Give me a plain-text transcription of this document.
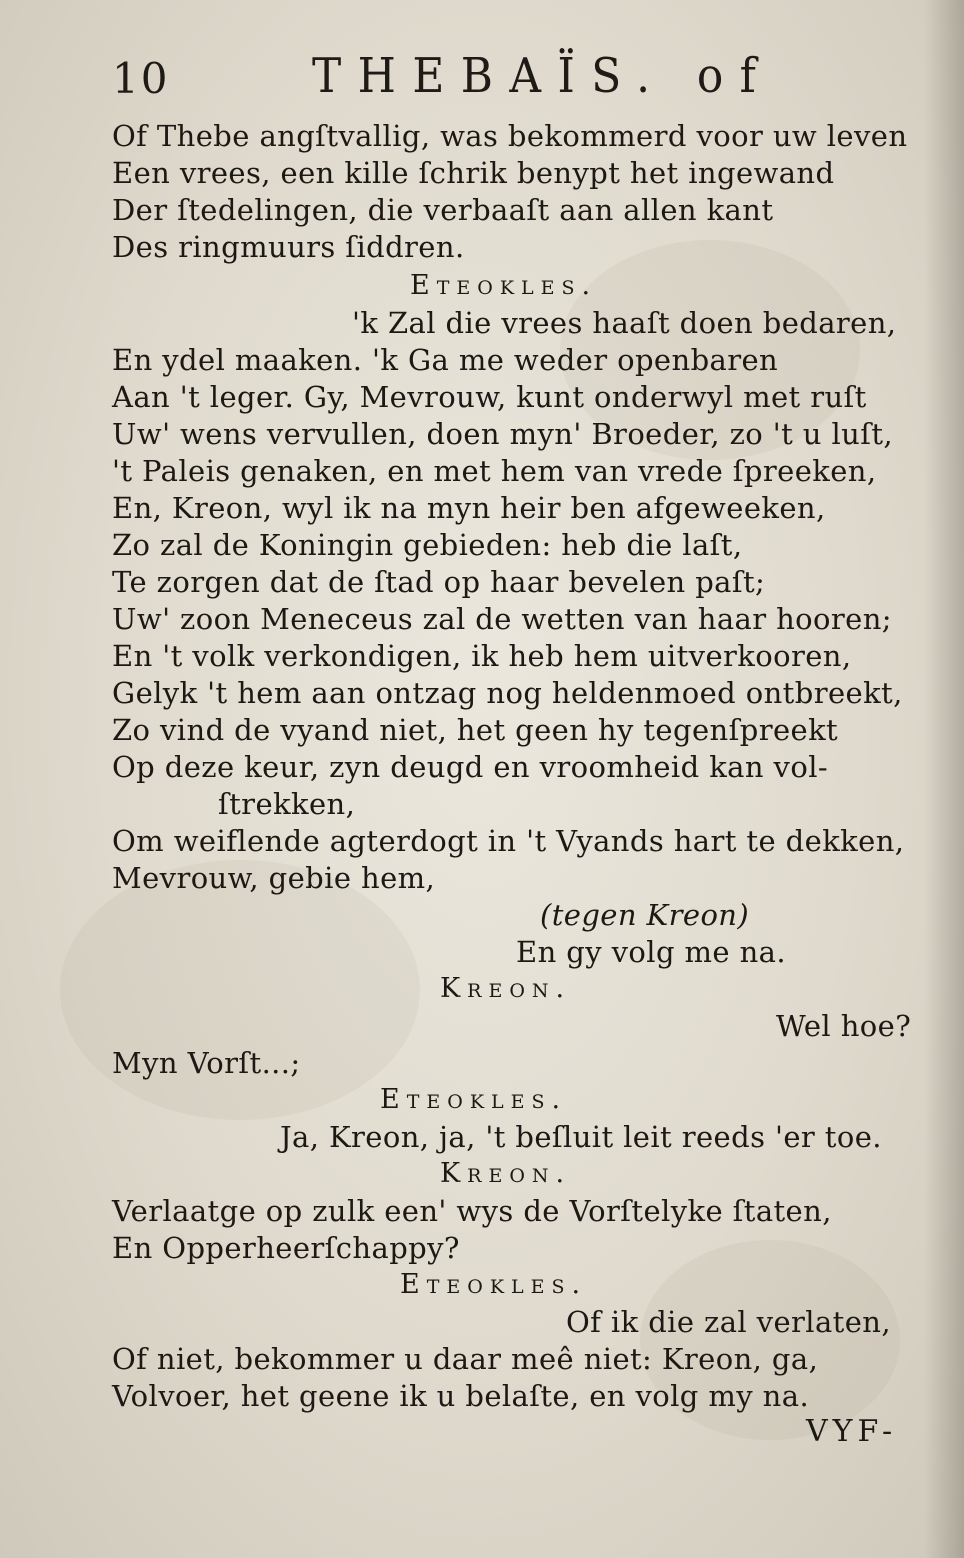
10	THEBAÏS. of
Of Thebe angſtvallig, was bekommerd voor uw leven
Een vrees, een kille ſchrik benypt het ingewand
Der ſtedelingen, die verbaaſt aan allen kant
Des ringmuurs ſiddren.
Eteokles.
'k Zal die vrees haaſt doen bedaren,
En ydel maaken. 'k Ga me weder openbaren
Aan 't leger. Gy, Mevrouw, kunt onderwyl met ruſt
Uw' wens vervullen, doen myn' Broeder, zo 't u luſt,
't Paleis genaken, en met hem van vrede ſpreeken,
En, Kreon, wyl ik na myn heir ben afgeweeken,
Zo zal de Koningin gebieden: heb die laſt,
Te zorgen dat de ſtad op haar bevelen paſt;
Uw' zoon Meneceus zal de wetten van haar hooren;
En 't volk verkondigen, ik heb hem uitverkooren,
Gelyk 't hem aan ontzag nog heldenmoed ontbreekt,
Zo vind de vyand niet, het geen hy tegenſpreekt
Op deze keur, zyn deugd en vroomheid kan vol-
ſtrekken,
Om weiflende agterdogt in 't Vyands hart te dekken,
Mevrouw, gebie hem,
(tegen Kreon)
En gy volg me na.
Kreon.
Wel hoe?
Myn Vorſt...;
Eteokles.
Ja, Kreon, ja, 't beſluit leit reeds 'er toe.
Kreon.
Verlaatge op zulk een' wys de Vorſtelyke ſtaten,
En Opperheerſchappy?
Eteokles.
Of ik die zal verlaten,
Of niet, bekommer u daar meê niet: Kreon, ga,
Volvoer, het geene ik u belaſte, en volg my na.
VYF-
